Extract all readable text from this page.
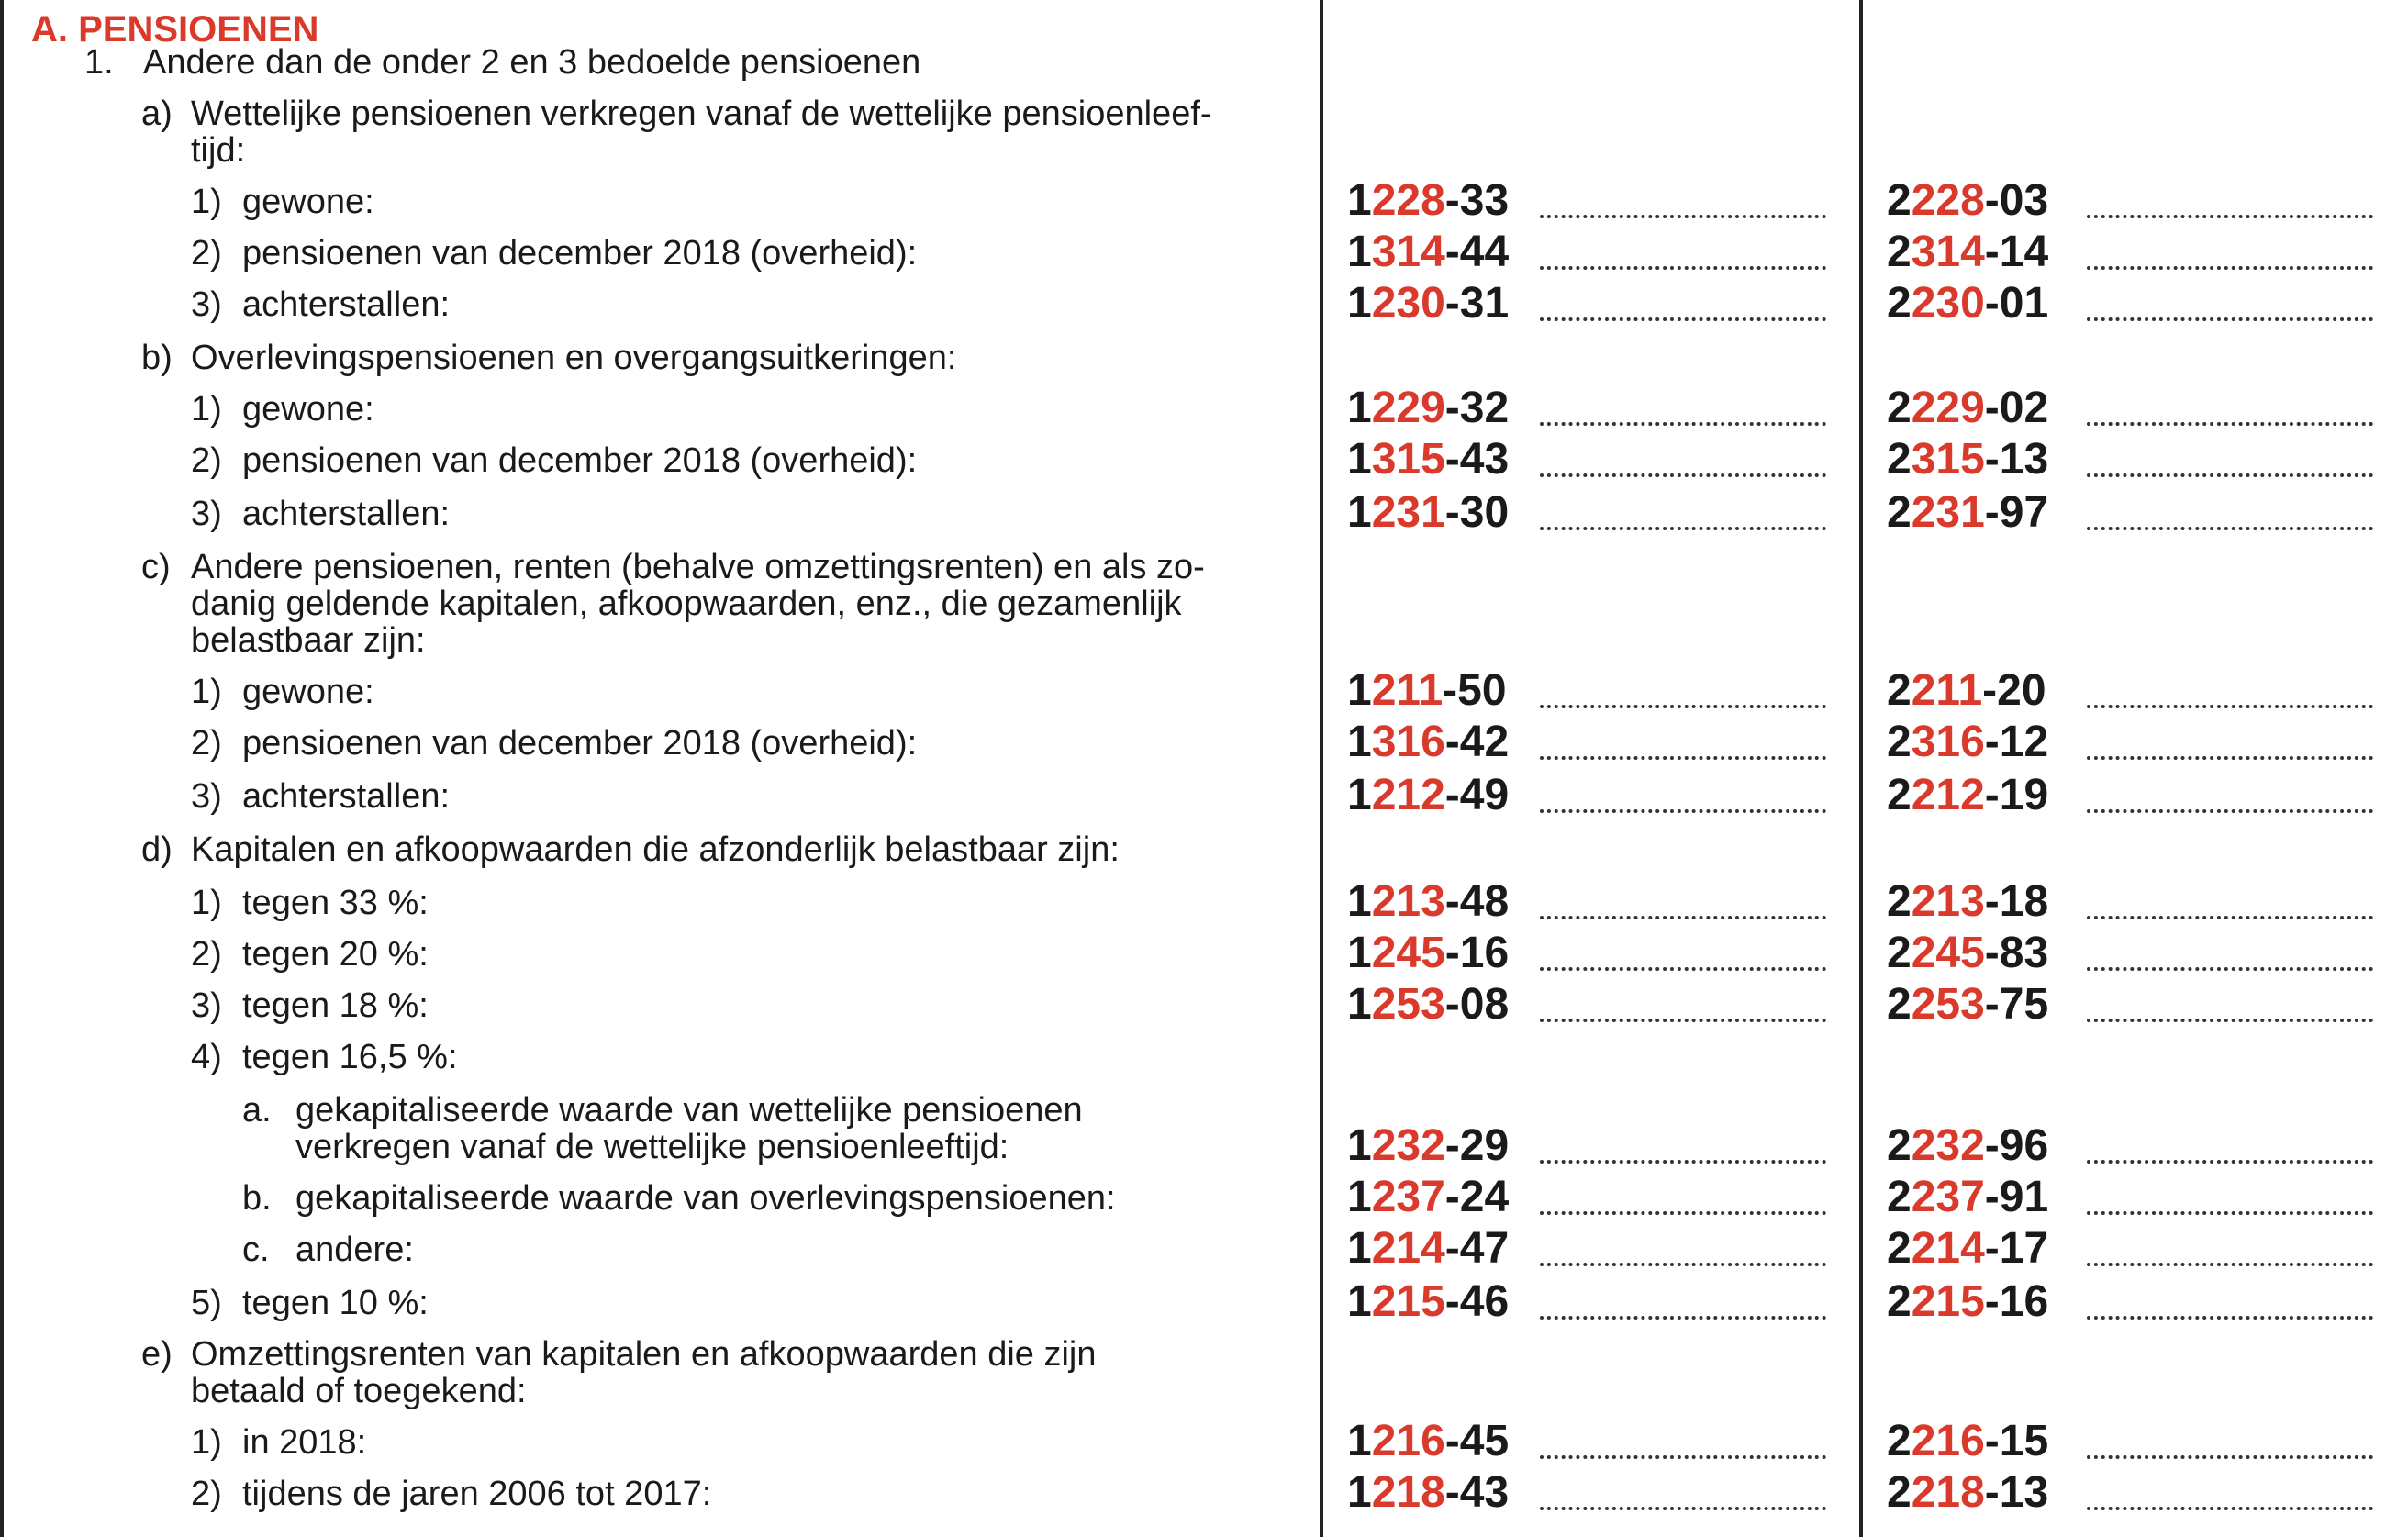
A. PENSIOENEN
1. Andere dan de onder 2 en 3 bedoelde pensioenen
a) Wettelijke pensioenen verkregen vanaf de wettelijke pensioenleef-
tijd:
1) gewone:	1228-33	2228-03
2) pensioenen van december 2018 (overheid):	1314-44	2314-14
3) achterstallen:	1230-31	2230-01
b) Overlevingspensioenen en overgangsuitkeringen:
1) gewone:	1229-32	2229-02
2) pensioenen van december 2018 (overheid):	1315-43	2315-13
3) achterstallen:	1231-30	2231-97
c) Andere pensioenen, renten (behalve omzettingsrenten) en als zo-
danig geldende kapitalen, afkoopwaarden, enz., die gezamenlijk
belastbaar zijn:
1) gewone:	1211-50	2211-20
2) pensioenen van december 2018 (overheid):	1316-42	2316-12
3) achterstallen:	1212-49	2212-19
d) Kapitalen en afkoopwaarden die afzonderlijk belastbaar zijn:
1) tegen 33 %:	1213-48	2213-18
2) tegen 20 %:	1245-16	2245-83
3) tegen 18 %:	1253-08	2253-75
4) tegen 16,5 %:
a. gekapitaliseerde waarde van wettelijke pensioenen
verkregen vanaf de wettelijke pensioenleeftijd:	1232-29	2232-96
b. gekapitaliseerde waarde van overlevingspensioenen:	1237-24	2237-91
c. andere:	1214-47	2214-17
5) tegen 10 %:	1215-46	2215-16
e) Omzettingsrenten van kapitalen en afkoopwaarden die zijn
betaald of toegekend:
1) in 2018:	1216-45	2216-15
2) tijdens de jaren 2006 tot 2017:	1218-43	2218-13
